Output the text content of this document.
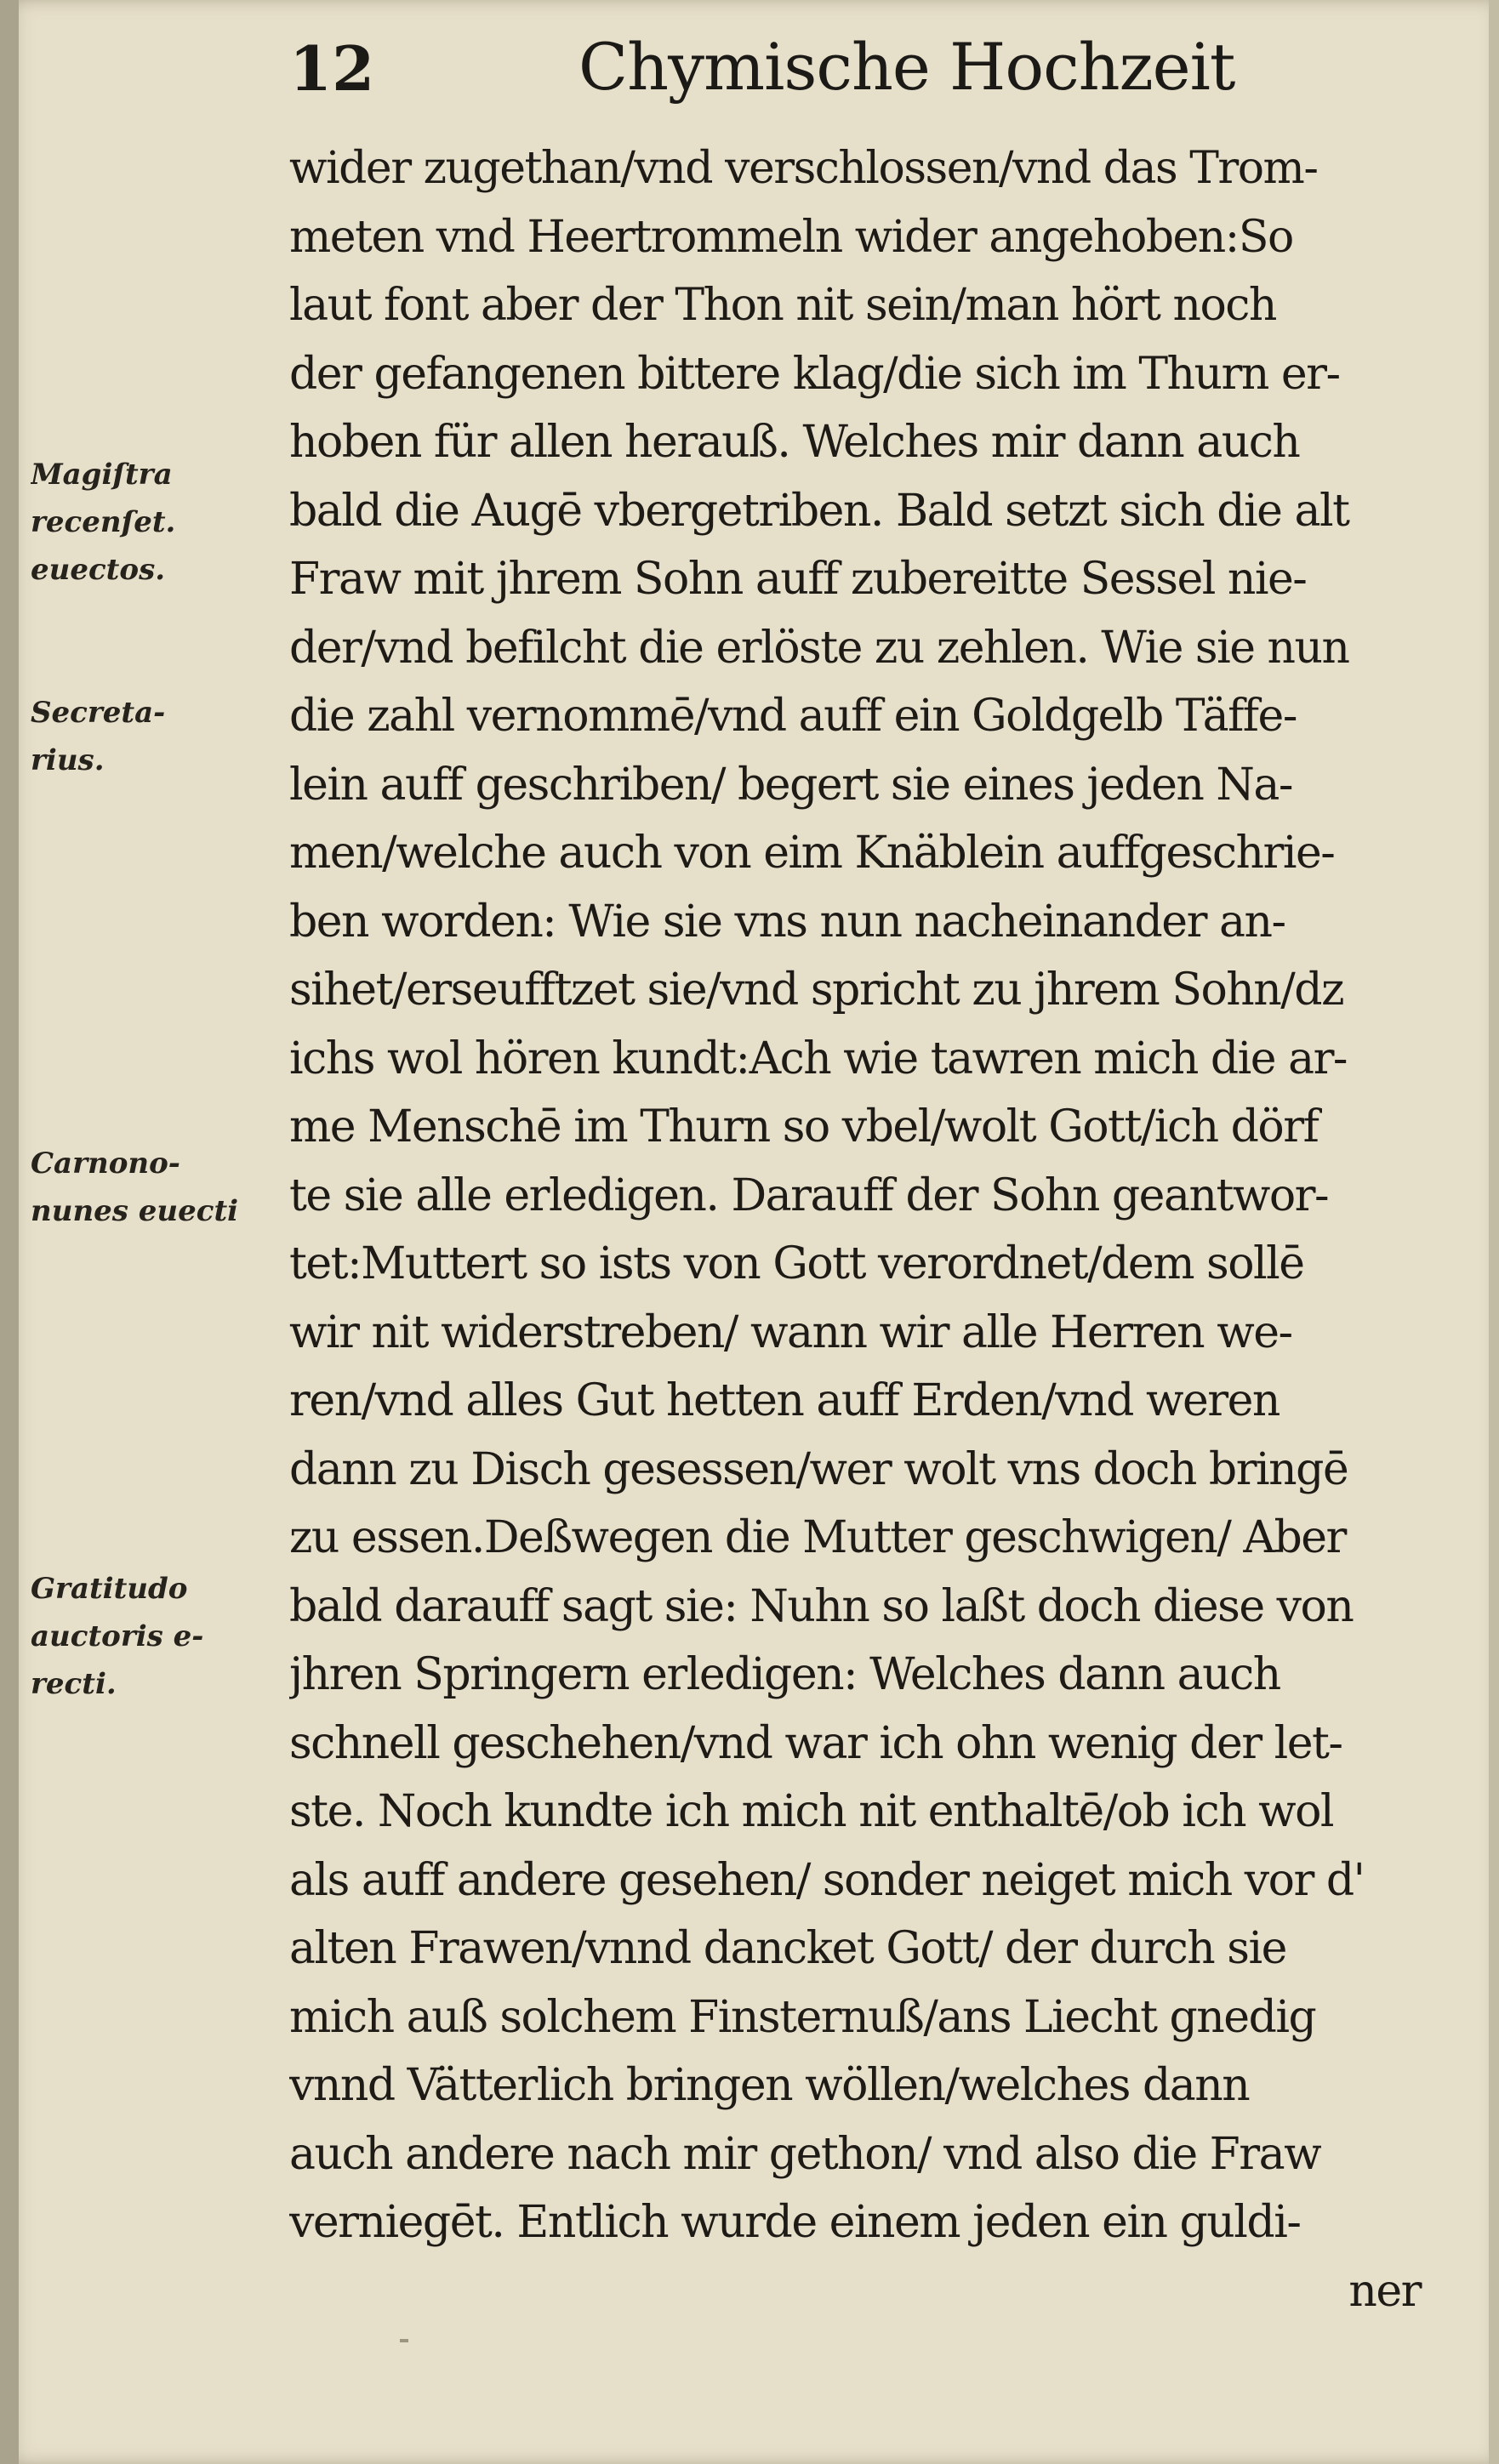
12	Chymische Hochzeit
wider zugethan/vnd verschlossen/vnd das Trom-
meten vnd Heertrommeln wider angehoben:So
laut font aber der Thon nit sein/man hört noch
der gefangenen bittere klag/die sich im Thurn er-
hoben für allen herauß. Welches mir dann auch
bald die Augē vbergetriben. Bald setzt sich die alt
Fraw mit jhrem Sohn auff zubereitte Sessel nie-
der/vnd befilcht die erlöste zu zehlen. Wie sie nun
die zahl vernommē/vnd auff ein Goldgelb Täffe-
lein auff geschriben/ begert sie eines jeden Na-
men/welche auch von eim Knäblein auffgeschrie-
ben worden: Wie sie vns nun nacheinander an-
sihet/erseufftzet sie/vnd spricht zu jhrem Sohn/dz
ichs wol hören kundt:Ach wie tawren mich die ar-
me Menschē im Thurn so vbel/wolt Gott/ich dörf
te sie alle erledigen. Darauff der Sohn geantwor-
tet:Muttert so ists von Gott verordnet/dem sollē
wir nit widerstreben/ wann wir alle Herren we-
ren/vnd alles Gut hetten auff Erden/vnd weren
dann zu Disch gesessen/wer wolt vns doch bringē
zu essen.Deßwegen die Mutter geschwigen/ Aber
bald darauff sagt sie: Nuhn so laßt doch diese von
jhren Springern erledigen: Welches dann auch
schnell geschehen/vnd war ich ohn wenig der let-
ste. Noch kundte ich mich nit enthaltē/ob ich wol
als auff andere gesehen/ sonder neiget mich vor d'
alten Frawen/vnnd dancket Gott/ der durch sie
mich auß solchem Finsternuß/ans Liecht gnedig
vnnd Vätterlich bringen wöllen/welches dann
auch andere nach mir gethon/ vnd also die Fraw
verniegēt. Entlich wurde einem jeden ein guldi-
ner
Magiſtra
recenſet.
euectos.
Secreta-
rius.
Carnono-
nunes euecti
Gratitudo
auctoris e-
recti.
